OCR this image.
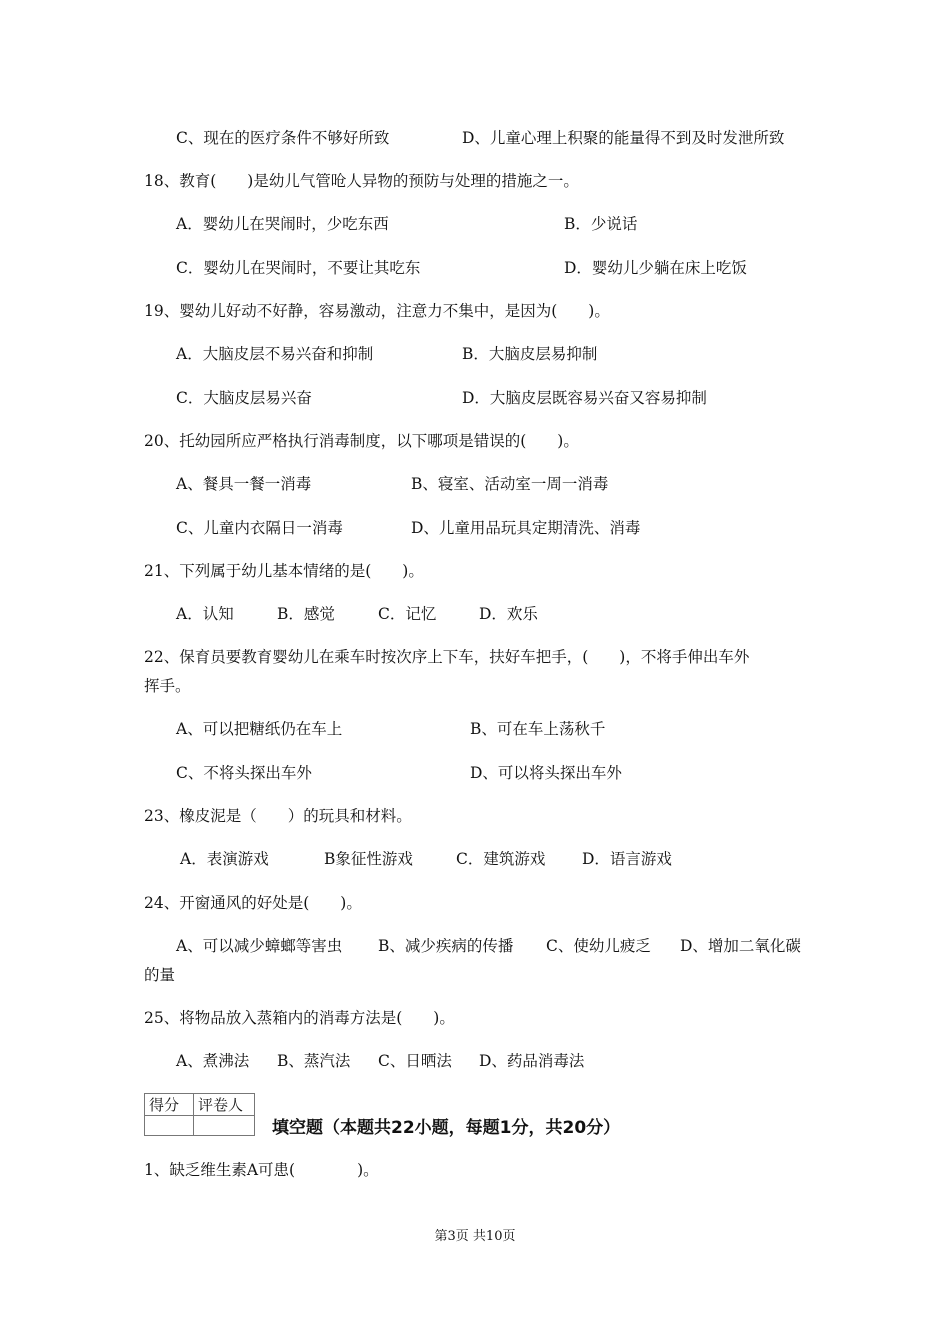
C、现在的医疗条件不够好所致	D、儿童心理上积聚的能量得不到及时发泄所致
18、教育(　　)是幼儿气管呛人异物的预防与处理的措施之一。
A．婴幼儿在哭闹时，少吃东西	B．少说话
C．婴幼儿在哭闹时，不要让其吃东	D．婴幼儿少躺在床上吃饭
19、婴幼儿好动不好静，容易激动，注意力不集中，是因为(　　)。
A．大脑皮层不易兴奋和抑制	B．大脑皮层易抑制
C．大脑皮层易兴奋	D．大脑皮层既容易兴奋又容易抑制
20、托幼园所应严格执行消毒制度，以下哪项是错误的(　　)。
A、餐具一餐一消毒	B、寝室、活动室一周一消毒
C、儿童内衣隔日一消毒	D、儿童用品玩具定期清洗、消毒
21、下列属于幼儿基本情绪的是(　　)。
A．认知	B．感觉	C．记忆	D．欢乐
22、保育员要教育婴幼儿在乘车时按次序上下车，扶好车把手，(　　)，不将手伸出车外
挥手。
A、可以把糖纸仍在车上	B、可在车上荡秋千
C、不将头探出车外	D、可以将头探出车外
23、橡皮泥是（　　）的玩具和材料。
A．表演游戏	B象征性游戏	C．建筑游戏 D．语言游戏
24、开窗通风的好处是(　　)。
A、可以减少蟑螂等害虫 B、减少疾病的传播 C、使幼儿疲乏 D、增加二氧化碳
的量
25、将物品放入蒸箱内的消毒方法是(　　)。
A、煮沸法 B、蒸汽法 C、日晒法 D、药品消毒法
得分	评卷人

填空题（本题共22小题，每题1分，共20分）
1、缺乏维生素A可患(　　　　)。
第3页 共10页
